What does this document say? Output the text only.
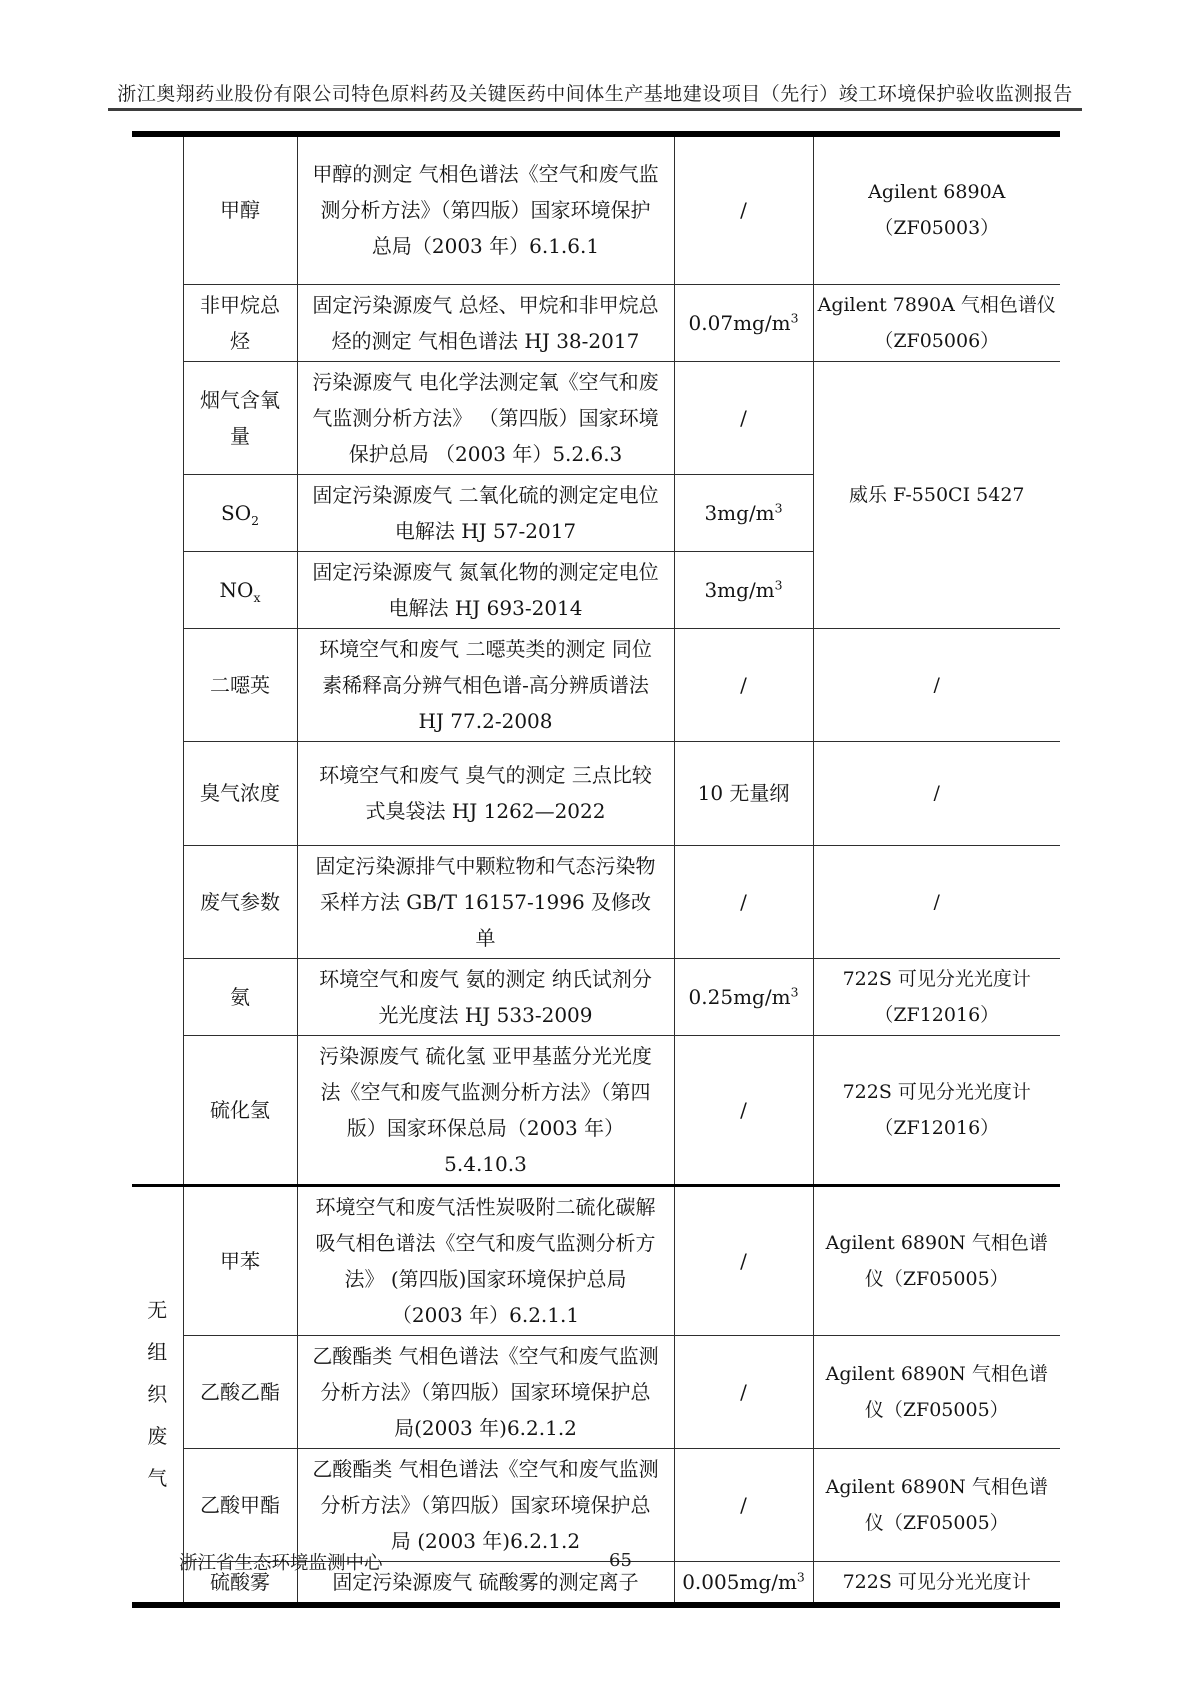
浙江奥翔药业股份有限公司特色原料药及关键医药中间体生产基地建设项目（先行）竣工环境保护验收监测报告
	甲醇	甲醇的测定 气相色谱法《空气和废气监测分析方法》（第四版）国家环境保护总局（2003 年）6.1.6.1	/	Agilent 6890A（ZF05003）
	非甲烷总烃	固定污染源废气 总烃、甲烷和非甲烷总烃的测定 气相色谱法 HJ 38-2017	$0.07mg/m^3$	Agilent 7890A 气相色谱仪（ZF05006）
	烟气含氧量	污染源废气 电化学法测定氧《空气和废气监测分析方法》 （第四版）国家环境保护总局 （2003 年）5.2.6.3	/	威乐 F-550CI 5427
	$SO_2$	固定污染源废气 二氧化硫的测定定电位电解法 HJ 57-2017	$3mg/m^3$
	$NO_x$	固定污染源废气 氮氧化物的测定定电位电解法 HJ 693-2014	$3mg/m^3$
	二噁英	环境空气和废气 二噁英类的测定 同位素稀释高分辨气相色谱-高分辨质谱法 HJ 77.2-2008	/	/
	臭气浓度	环境空气和废气 臭气的测定 三点比较式臭袋法 HJ 1262—2022	10 无量纲	/
	废气参数	固定污染源排气中颗粒物和气态污染物采样方法 GB/T 16157-1996 及修改单	/	/
	氨	环境空气和废气 氨的测定 纳氏试剂分光光度法 HJ 533-2009	$0.25mg/m^3$	722S 可见分光光度计（ZF12016）
	硫化氢	污染源废气 硫化氢 亚甲基蓝分光光度法《空气和废气监测分析方法》（第四版）国家环保总局（2003 年）5.4.10.3	/	722S 可见分光光度计（ZF12016）

无组织废气	甲苯	环境空气和废气活性炭吸附二硫化碳解吸气相色谱法《空气和废气监测分析方法》 (第四版)国家环境保护总局（2003 年）6.2.1.1	/	Agilent 6890N 气相色谱仪（ZF05005）
	乙酸乙酯	乙酸酯类 气相色谱法《空气和废气监测分析方法》（第四版）国家环境保护总局(2003 年)6.2.1.2	/	Agilent 6890N 气相色谱仪（ZF05005）
	乙酸甲酯	乙酸酯类 气相色谱法《空气和废气监测分析方法》（第四版）国家环境保护总局 (2003 年)6.2.1.2	/	Agilent 6890N 气相色谱仪（ZF05005）
	硫酸雾	固定污染源废气 硫酸雾的测定离子	$0.005mg/m^3$	722S 可见分光光度计
浙江省生态环境监测中心	65
